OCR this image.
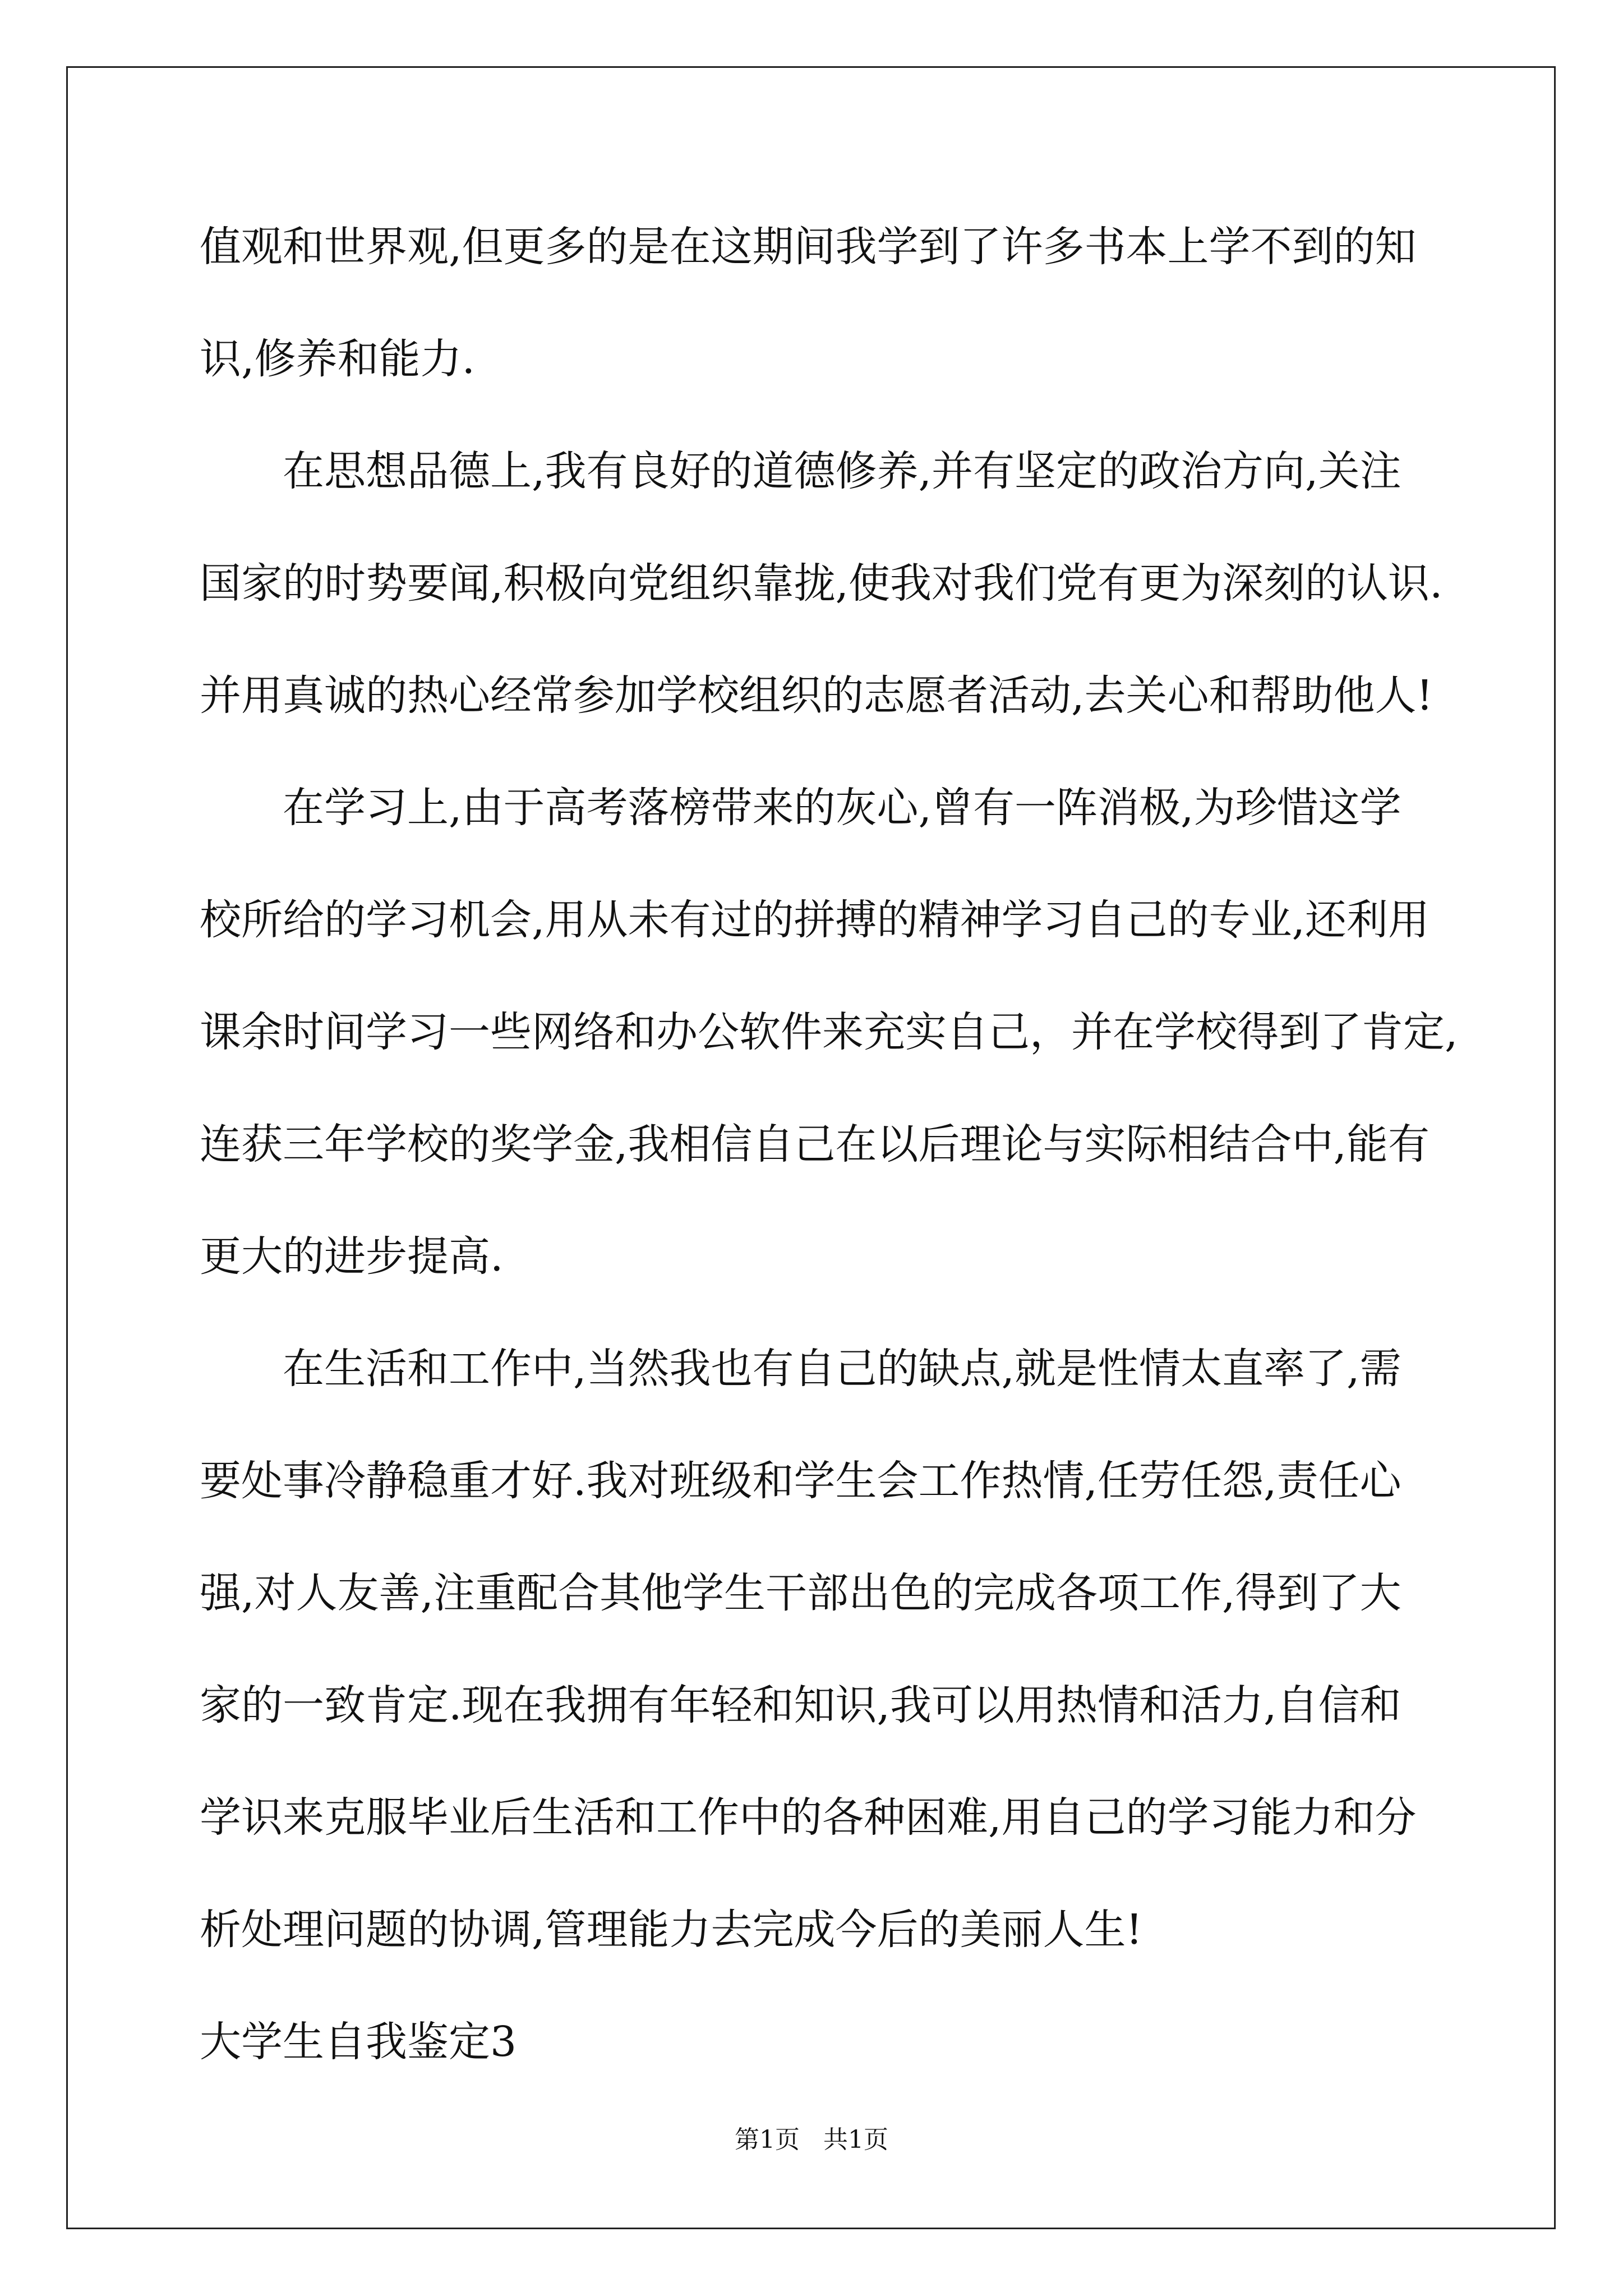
值观和世界观,但更多的是在这期间我学到了许多书本上学不到的知
识,修养和能力.
在思想品德上,我有良好的道德修养,并有坚定的政治方向,关注
国家的时势要闻,积极向党组织靠拢,使我对我们党有更为深刻的认识.
并用真诚的热心经常参加学校组织的志愿者活动,去关心和帮助他人!
在学习上,由于高考落榜带来的灰心,曾有一阵消极,为珍惜这学
校所给的学习机会,用从未有过的拼搏的精神学习自己的专业,还利用
课余时间学习一些网络和办公软件来充实自己，并在学校得到了肯定,
连获三年学校的奖学金,我相信自己在以后理论与实际相结合中,能有
更大的进步提高.
在生活和工作中,当然我也有自己的缺点,就是性情太直率了,需
要处事冷静稳重才好.我对班级和学生会工作热情,任劳任怨,责任心
强,对人友善,注重配合其他学生干部出色的完成各项工作,得到了大
家的一致肯定.现在我拥有年轻和知识,我可以用热情和活力,自信和
学识来克服毕业后生活和工作中的各种困难,用自己的学习能力和分
析处理问题的协调,管理能力去完成今后的美丽人生!
大学生自我鉴定3
第1页   共1页
